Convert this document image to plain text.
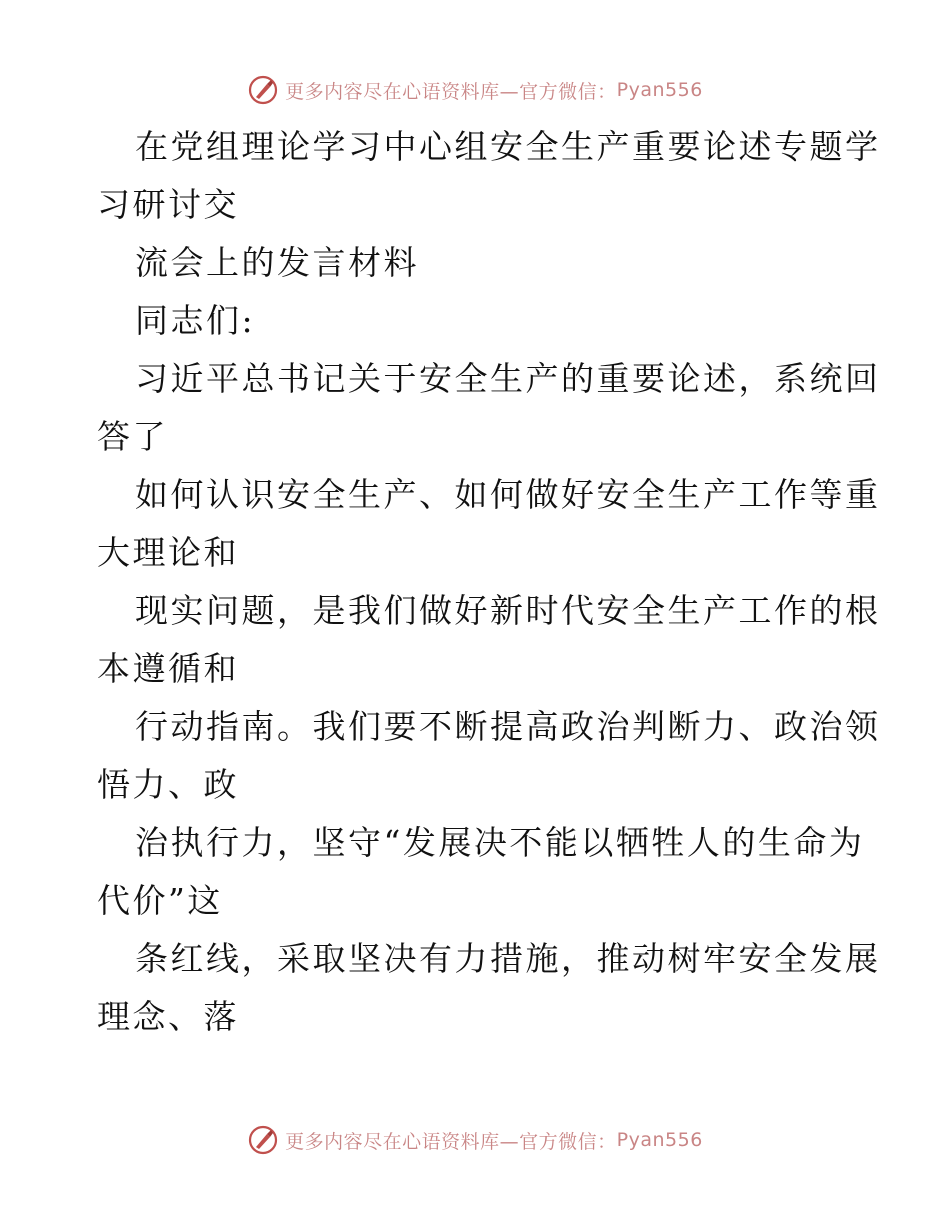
更多内容尽在心语资料库—官方微信： Pyan556
在党组理论学习中心组安全生产重要论述专题学
习研讨交
流会上的发言材料
同志们:
习近平总书记关于安全生产的重要论述，系统回
答了
如何认识安全生产、如何做好安全生产工作等重
大理论和
现实问题，是我们做好新时代安全生产工作的根
本遵循和
行动指南。我们要不断提高政治判断力、政治领
悟力、政
治执行力，坚守“发展决不能以牺牲人的生命为
代价”这
条红线，采取坚决有力措施，推动树牢安全发展
理念、落
更多内容尽在心语资料库—官方微信： Pyan556
